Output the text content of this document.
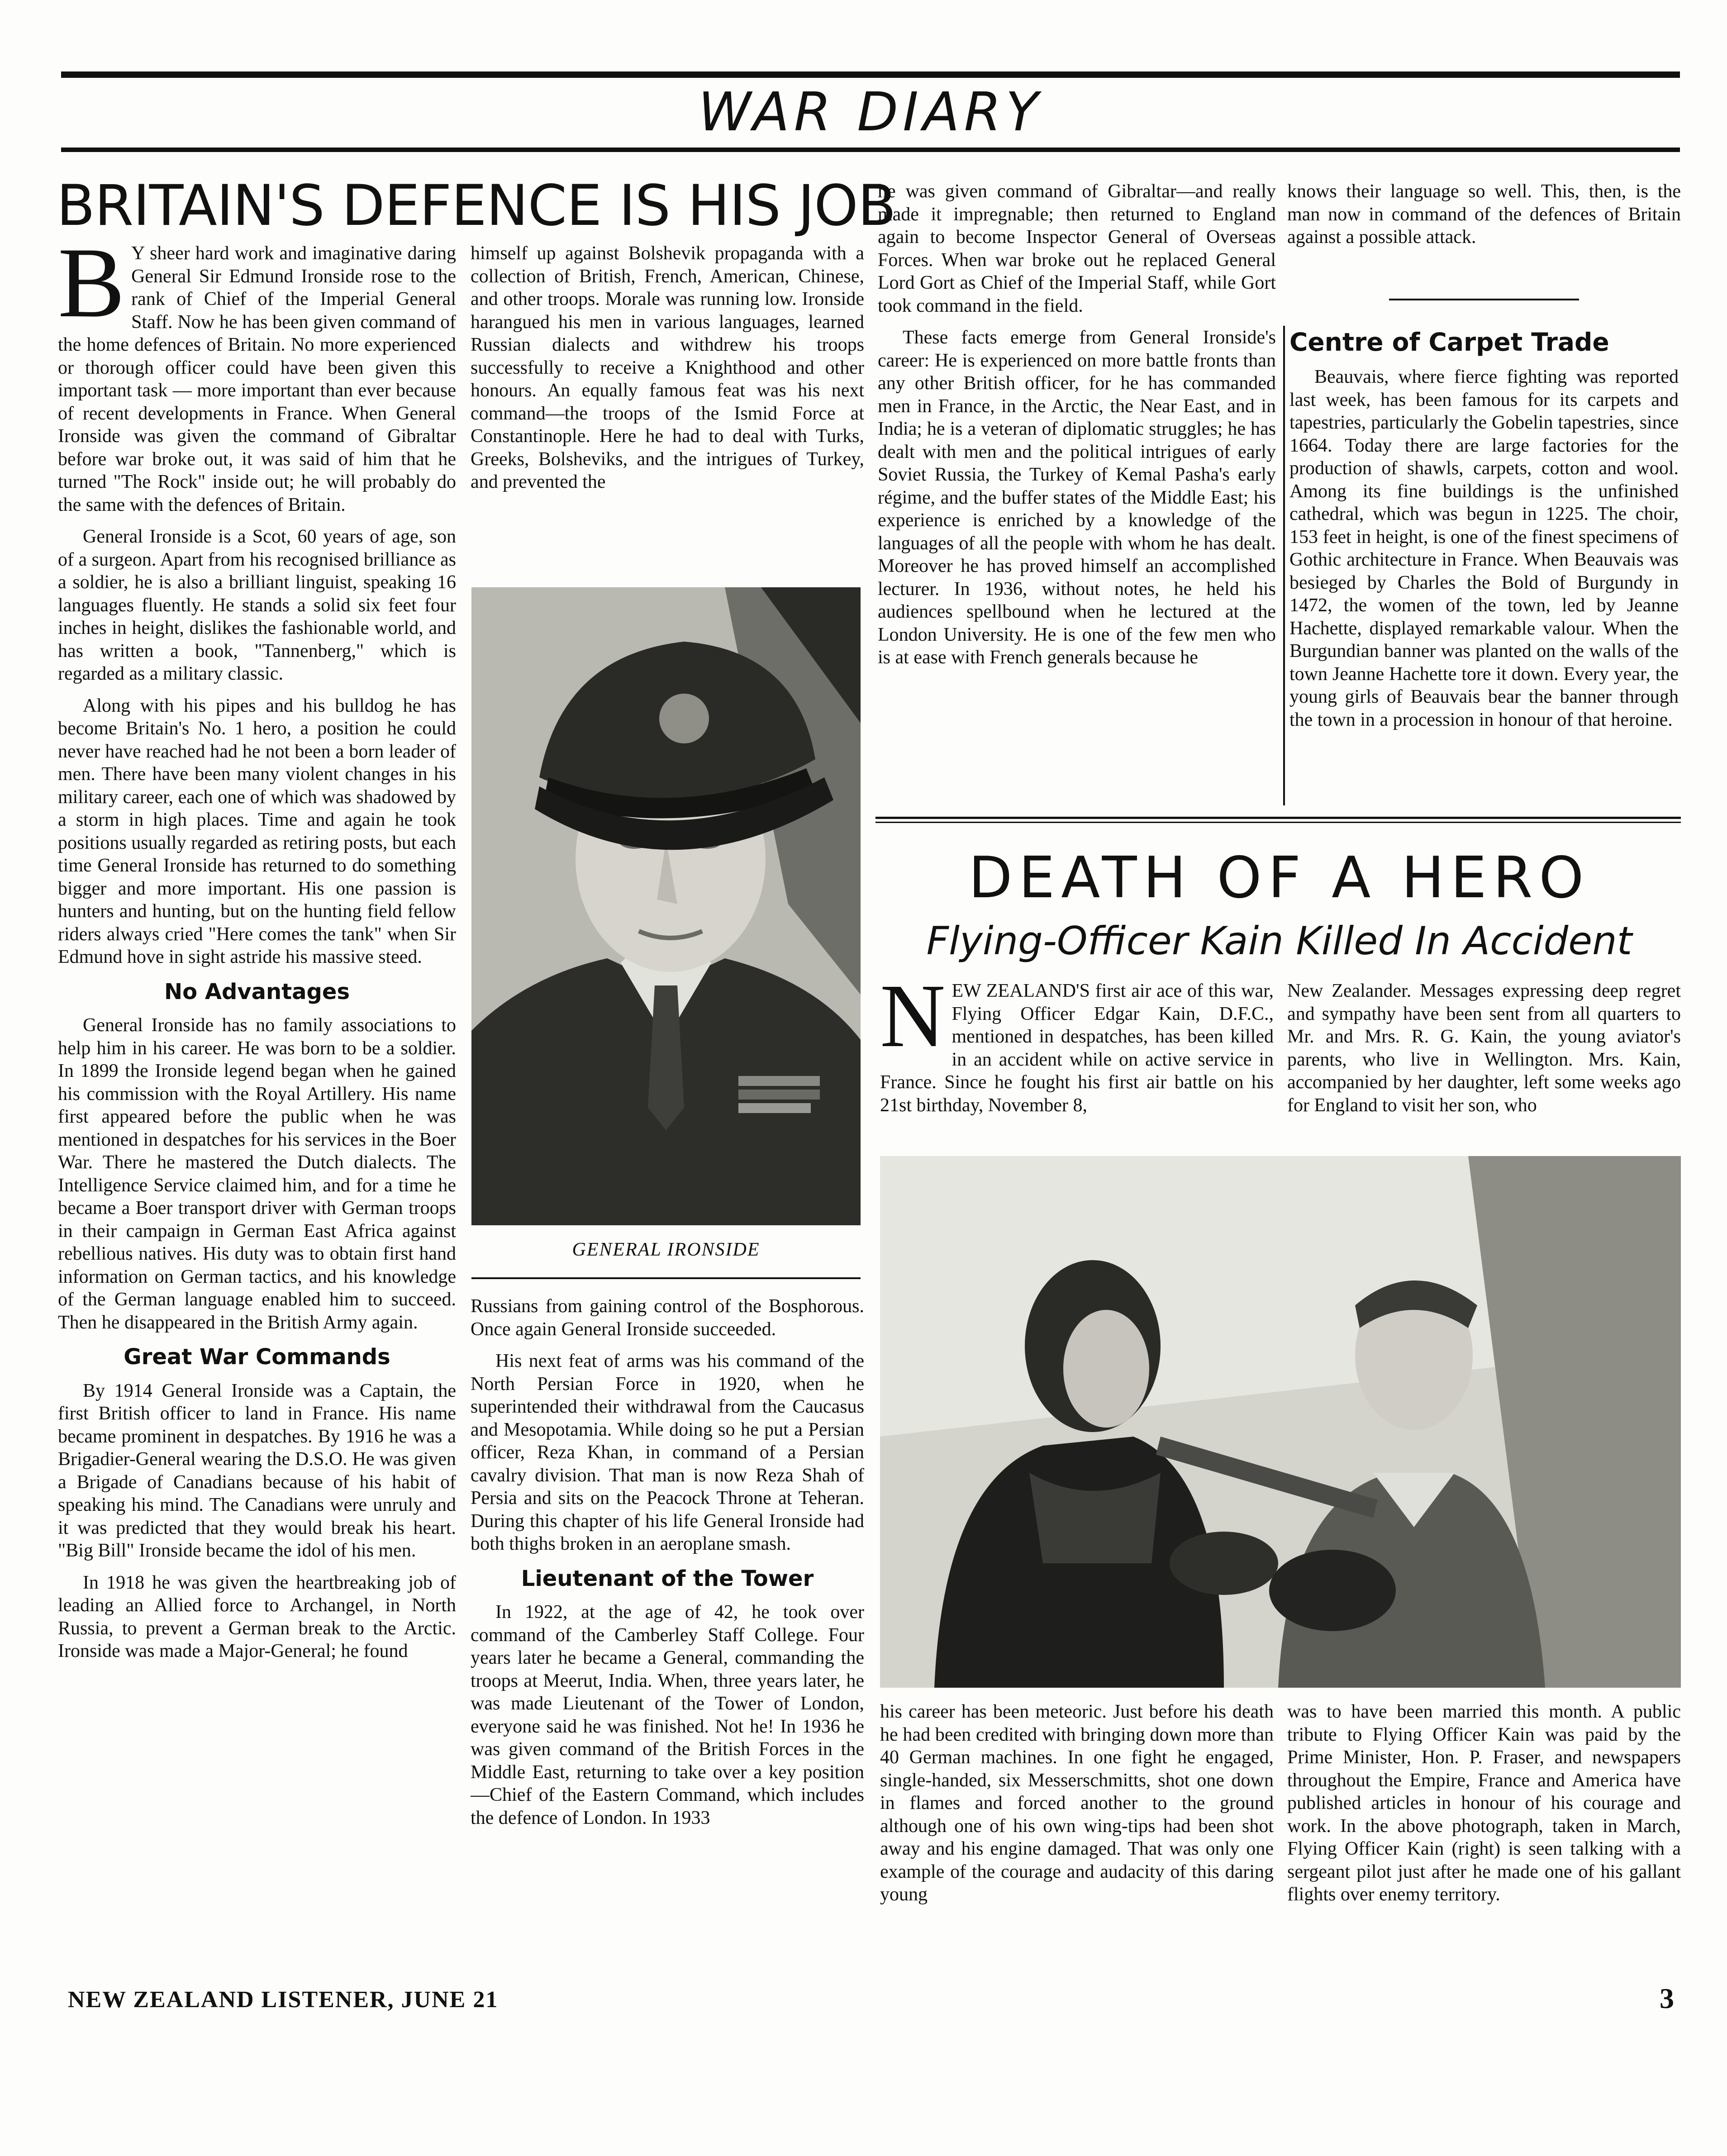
WAR DIARY
BRITAIN'S DEFENCE IS HIS JOB
B Y sheer hard work and imaginative daring General Sir Edmund Ironside rose to the rank of Chief of the Imperial General Staff. Now he has been given command of the home defences of Britain. No more experienced or thorough officer could have been given this important task — more important than ever because of recent developments in France. When General Ironside was given the command of Gibraltar before war broke out, it was said of him that he turned "The Rock" inside out; he will probably do the same with the defences of Britain.

General Ironside is a Scot, 60 years of age, son of a surgeon. Apart from his recognised brilliance as a soldier, he is also a brilliant linguist, speaking 16 languages fluently. He stands a solid six feet four inches in height, dislikes the fashionable world, and has written a book, "Tannenberg," which is regarded as a military classic.

Along with his pipes and his bulldog he has become Britain's No. 1 hero, a position he could never have reached had he not been a born leader of men. There have been many violent changes in his military career, each one of which was shadowed by a storm in high places. Time and again he took positions usually regarded as retiring posts, but each time General Ironside has returned to do something bigger and more important. His one passion is hunters and hunting, but on the hunting field fellow riders always cried "Here comes the tank" when Sir Edmund hove in sight astride his massive steed.

No Advantages

General Ironside has no family associations to help him in his career. He was born to be a soldier. In 1899 the Ironside legend began when he gained his commission with the Royal Artillery. His name first appeared before the public when he was mentioned in despatches for his services in the Boer War. There he mastered the Dutch dialects. The Intelligence Service claimed him, and for a time he became a Boer transport driver with German troops in their campaign in German East Africa against rebellious natives. His duty was to obtain first hand information on German tactics, and his knowledge of the German language enabled him to succeed. Then he disappeared in the British Army again.

Great War Commands

By 1914 General Ironside was a Captain, the first British officer to land in France. His name became prominent in despatches. By 1916 he was a Brigadier-General wearing the D.S.O. He was given a Brigade of Canadians because of his habit of speaking his mind. The Canadians were unruly and it was predicted that they would break his heart. "Big Bill" Ironside became the idol of his men.

In 1918 he was given the heartbreaking job of leading an Allied force to Archangel, in North Russia, to prevent a German break to the Arctic. Ironside was made a Major-General; he found

himself up against Bolshevik propaganda with a collection of British, French, American, Chinese, and other troops. Morale was running low. Ironside harangued his men in various languages, learned Russian dialects and withdrew his troops successfully to receive a Knighthood and other honours. An equally famous feat was his next command—the troops of the Ismid Force at Constantinople. Here he had to deal with Turks, Greeks, Bolsheviks, and the intrigues of Turkey, and prevented the

GENERAL IRONSIDE

Russians from gaining control of the Bosphorous. Once again General Ironside succeeded.

His next feat of arms was his command of the North Persian Force in 1920, when he superintended their withdrawal from the Caucasus and Mesopotamia. While doing so he put a Persian officer, Reza Khan, in command of a Persian cavalry division. That man is now Reza Shah of Persia and sits on the Peacock Throne at Teheran. During this chapter of his life General Ironside had both thighs broken in an aeroplane smash.

Lieutenant of the Tower

In 1922, at the age of 42, he took over command of the Camberley Staff College. Four years later he became a General, commanding the troops at Meerut, India. When, three years later, he was made Lieutenant of the Tower of London, everyone said he was finished. Not he! In 1936 he was given command of the British Forces in the Middle East, returning to take over a key position—Chief of the Eastern Command, which includes the defence of London. In 1933

he was given command of Gibraltar—and really made it impregnable; then returned to England again to become Inspector General of Overseas Forces. When war broke out he replaced General Lord Gort as Chief of the Imperial Staff, while Gort took command in the field.

These facts emerge from General Ironside's career: He is experienced on more battle fronts than any other British officer, for he has commanded men in France, in the Arctic, the Near East, and in India; he is a veteran of diplomatic struggles; he has dealt with men and the political intrigues of early Soviet Russia, the Turkey of Kemal Pasha's early régime, and the buffer states of the Middle East; his experience is enriched by a knowledge of the languages of all the people with whom he has dealt. Moreover he has proved himself an accomplished lecturer. In 1936, without notes, he held his audiences spellbound when he lectured at the London University. He is one of the few men who is at ease with French generals because he

knows their language so well. This, then, is the man now in command of the defences of Britain against a possible attack.

Centre of Carpet Trade

Beauvais, where fierce fighting was reported last week, has been famous for its carpets and tapestries, particularly the Gobelin tapestries, since 1664. Today there are large factories for the production of shawls, carpets, cotton and wool. Among its fine buildings is the unfinished cathedral, which was begun in 1225. The choir, 153 feet in height, is one of the finest specimens of Gothic architecture in France. When Beauvais was besieged by Charles the Bold of Burgundy in 1472, the women of the town, led by Jeanne Hachette, displayed remarkable valour. When the Burgundian banner was planted on the walls of the town Jeanne Hachette tore it down. Every year, the young girls of Beauvais bear the banner through the town in a procession in honour of that heroine.

DEATH OF A HERO
Flying-Officer Kain Killed In Accident
N EW ZEALAND'S first air ace of this war, Flying Officer Edgar Kain, D.F.C., mentioned in despatches, has been killed in an accident while on active service in France. Since he fought his first air battle on his 21st birthday, November 8,

New Zealander. Messages expressing deep regret and sympathy have been sent from all quarters to Mr. and Mrs. R. G. Kain, the young aviator's parents, who live in Wellington. Mrs. Kain, accompanied by her daughter, left some weeks ago for England to visit her son, who

his career has been meteoric. Just before his death he had been credited with bringing down more than 40 German machines. In one fight he engaged, single-handed, six Messerschmitts, shot one down in flames and forced another to the ground although one of his own wing-tips had been shot away and his engine damaged. That was only one example of the courage and audacity of this daring young

was to have been married this month. A public tribute to Flying Officer Kain was paid by the Prime Minister, Hon. P. Fraser, and newspapers throughout the Empire, France and America have published articles in honour of his courage and work. In the above photograph, taken in March, Flying Officer Kain (right) is seen talking with a sergeant pilot just after he made one of his gallant flights over enemy territory.

NEW ZEALAND LISTENER, JUNE 21	3
